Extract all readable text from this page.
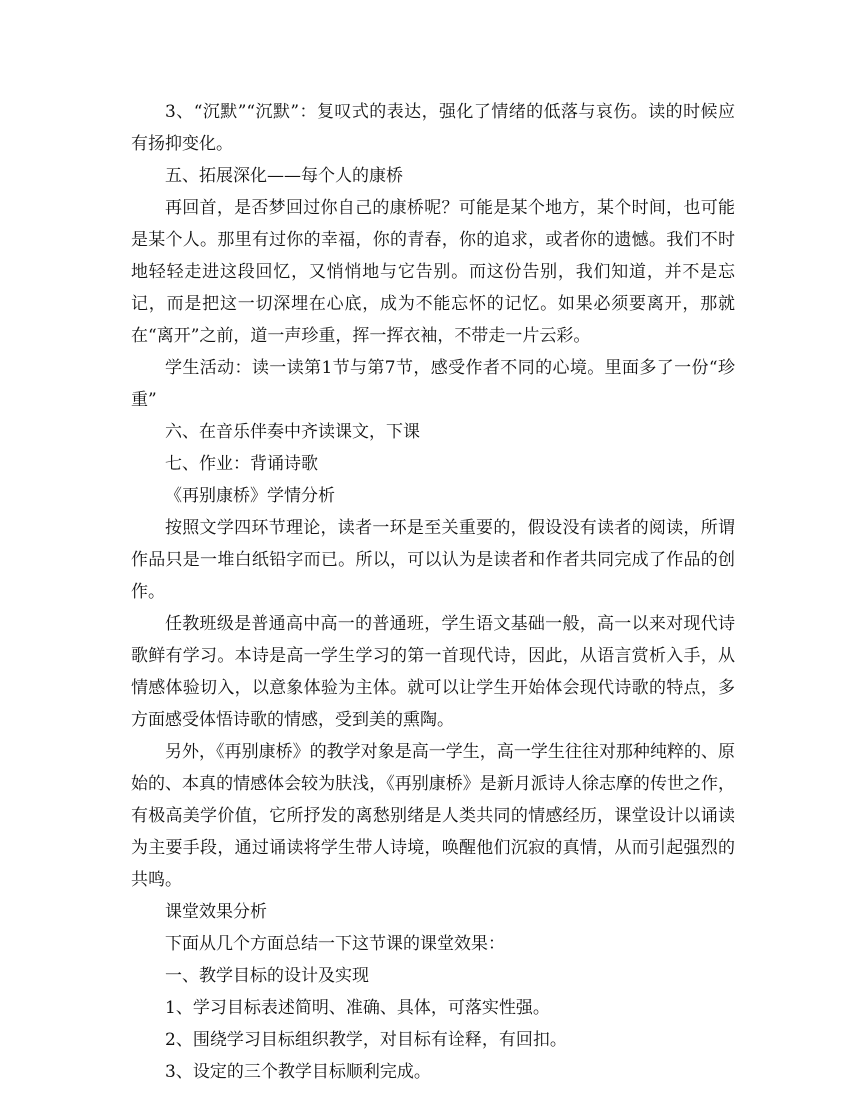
3、“沉默”“沉默”：复叹式的表达，强化了情绪的低落与哀伤。读的时候应有扬抑变化。

五、拓展深化——每个人的康桥

再回首，是否梦回过你自己的康桥呢？可能是某个地方，某个时间，也可能是某个人。那里有过你的幸福，你的青春，你的追求，或者你的遗憾。我们不时地轻轻走进这段回忆，又悄悄地与它告别。而这份告别，我们知道，并不是忘记，而是把这一切深埋在心底，成为不能忘怀的记忆。如果必须要离开，那就在“离开”之前，道一声珍重，挥一挥衣袖，不带走一片云彩。

学生活动：读一读第1节与第7节，感受作者不同的心境。里面多了一份“珍重”

六、在音乐伴奏中齐读课文，下课

七、作业：背诵诗歌

《再别康桥》学情分析

按照文学四环节理论，读者一环是至关重要的，假设没有读者的阅读，所谓作品只是一堆白纸铅字而已。所以，可以认为是读者和作者共同完成了作品的创作。

任教班级是普通高中高一的普通班，学生语文基础一般，高一以来对现代诗歌鲜有学习。本诗是高一学生学习的第一首现代诗，因此，从语言赏析入手，从情感体验切入，以意象体验为主体。就可以让学生开始体会现代诗歌的特点，多方面感受体悟诗歌的情感，受到美的熏陶。

另外，《再别康桥》的教学对象是高一学生，高一学生往往对那种纯粹的、原始的、本真的情感体会较为肤浅，《再别康桥》是新月派诗人徐志摩的传世之作，有极高美学价值，它所抒发的离愁别绪是人类共同的情感经历，课堂设计以诵读为主要手段，通过诵读将学生带人诗境，唤醒他们沉寂的真情，从而引起强烈的共鸣。

课堂效果分析

下面从几个方面总结一下这节课的课堂效果：

一、教学目标的设计及实现

1、学习目标表述简明、准确、具体，可落实性强。

2、围绕学习目标组织教学，对目标有诠释，有回扣。

3、设定的三个教学目标顺利完成。
